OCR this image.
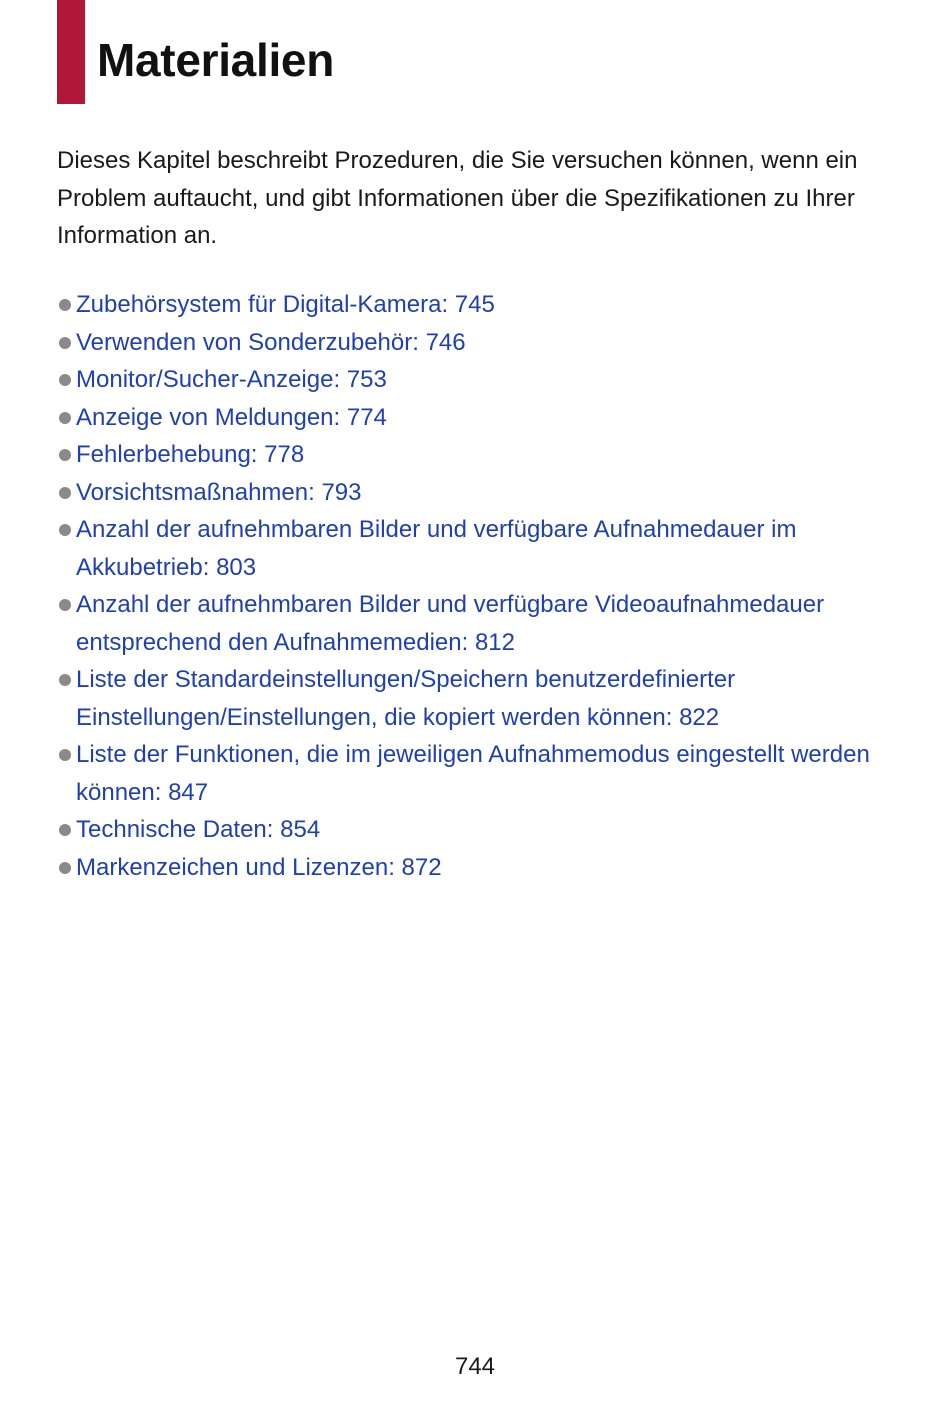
Materialien

Dieses Kapitel beschreibt Prozeduren, die Sie versuchen können, wenn ein Problem auftaucht, und gibt Informationen über die Spezifikationen zu Ihrer Information an.

Zubehörsystem für Digital-Kamera: 745
Verwenden von Sonderzubehör: 746
Monitor/Sucher-Anzeige: 753
Anzeige von Meldungen: 774
Fehlerbehebung: 778
Vorsichtsmaßnahmen: 793
Anzahl der aufnehmbaren Bilder und verfügbare Aufnahmedauer im Akkubetrieb: 803
Anzahl der aufnehmbaren Bilder und verfügbare Videoaufnahmedauer entsprechend den Aufnahmemedien: 812
Liste der Standardeinstellungen/Speichern benutzerdefinierter Einstellungen/Einstellungen, die kopiert werden können: 822
Liste der Funktionen, die im jeweiligen Aufnahmemodus eingestellt werden können: 847
Technische Daten: 854
Markenzeichen und Lizenzen: 872
744
